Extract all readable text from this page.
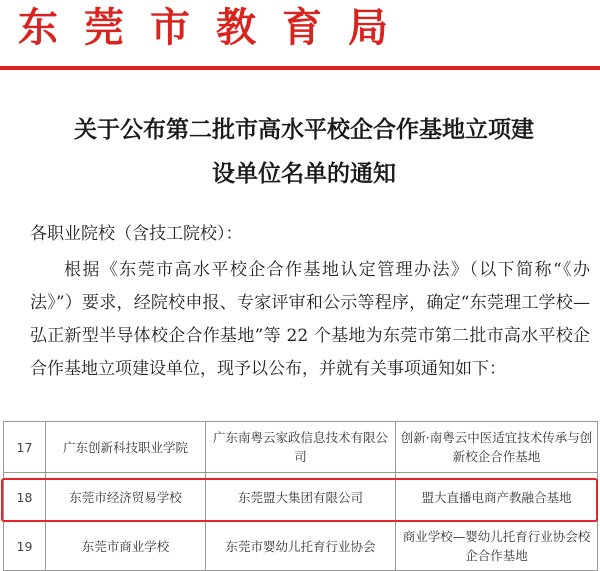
东莞市教育局
关于公布第二批市高水平校企合作基地立项建
设单位名单的通知
各职业院校（含技工院校）：
根据《东莞市高水平校企合作基地认定管理办法》（以下简称“《办法》”）要求，经院校申报、专家评审和公示等程序，确定“东莞理工学校—弘正新型半导体校企合作基地”等 22 个基地为东莞市第二批市高水平校企合作基地立项建设单位，现予以公布，并就有关事项通知如下：
17	广东创新科技职业学院	广东南粤云家政信息技术有限公司	创新·南粤云中医适宜技术传承与创新校企合作基地
18	东莞市经济贸易学校	东莞盟大集团有限公司	盟大直播电商产教融合基地
19	东莞市商业学校	东莞市婴幼儿托育行业协会	商业学校—婴幼儿托育行业协会校企合作基地
